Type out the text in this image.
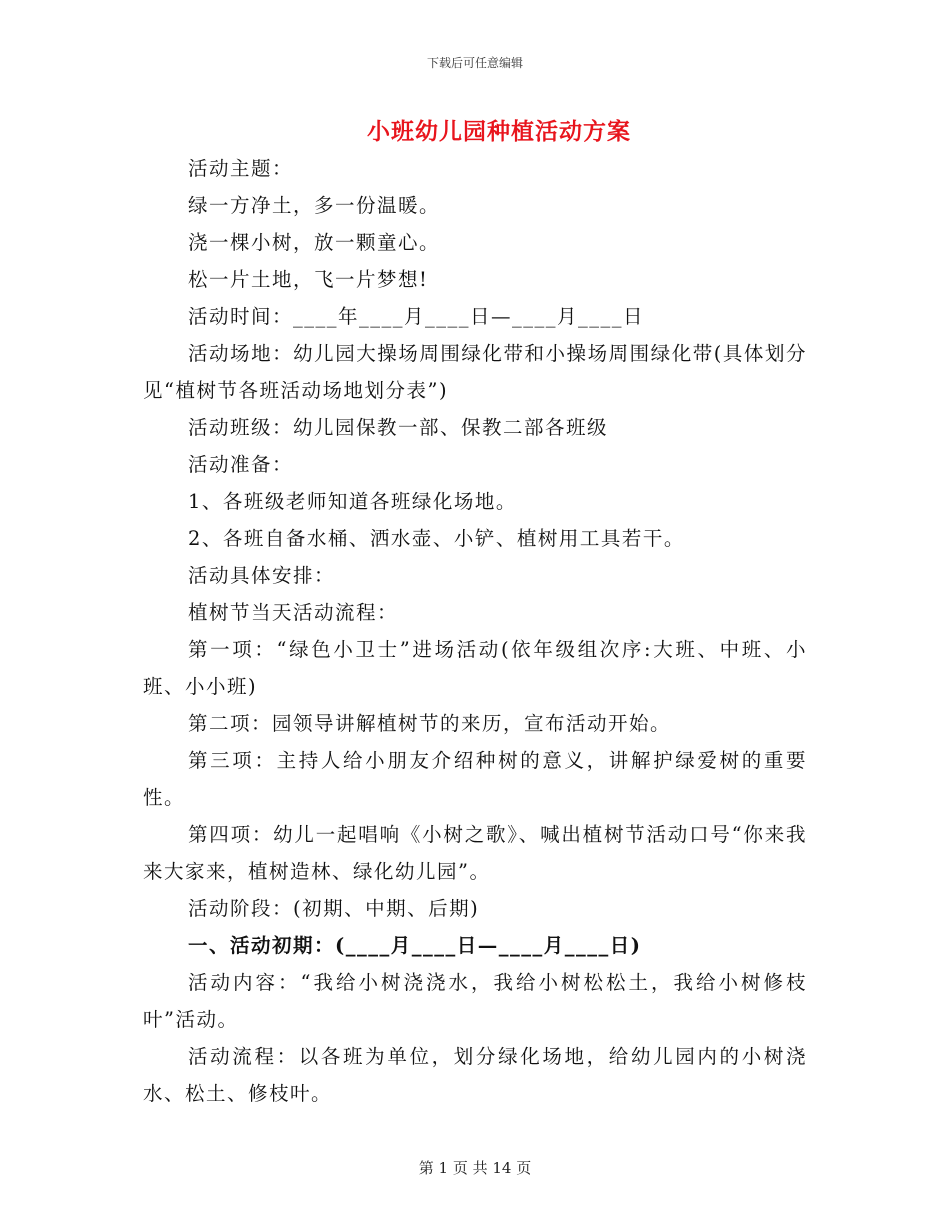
下载后可任意编辑
小班幼儿园种植活动方案

活动主题：

绿一方净土，多一份温暖。

浇一棵小树，放一颗童心。

松一片土地，飞一片梦想!

活动时间：____年____月____日—____月____日

活动场地：幼儿园大操场周围绿化带和小操场周围绿化带(具体划分见“植树节各班活动场地划分表”)

活动班级：幼儿园保教一部、保教二部各班级

活动准备：

1、各班级老师知道各班绿化场地。

2、各班自备水桶、洒水壶、小铲、植树用工具若干。

活动具体安排：

植树节当天活动流程：

第一项：“绿色小卫士”进场活动(依年级组次序:大班、中班、小班、小小班)

第二项：园领导讲解植树节的来历，宣布活动开始。

第三项：主持人给小朋友介绍种树的意义，讲解护绿爱树的重要性。

第四项：幼儿一起唱响《小树之歌》、喊出植树节活动口号“你来我来大家来，植树造林、绿化幼儿园”。

活动阶段：(初期、中期、后期)

一、活动初期：(____月____日—____月____日)

活动内容：“我给小树浇浇水，我给小树松松土，我给小树修枝叶”活动。

活动流程：以各班为单位，划分绿化场地，给幼儿园内的小树浇水、松土、修枝叶。

第 1 页 共 14 页
